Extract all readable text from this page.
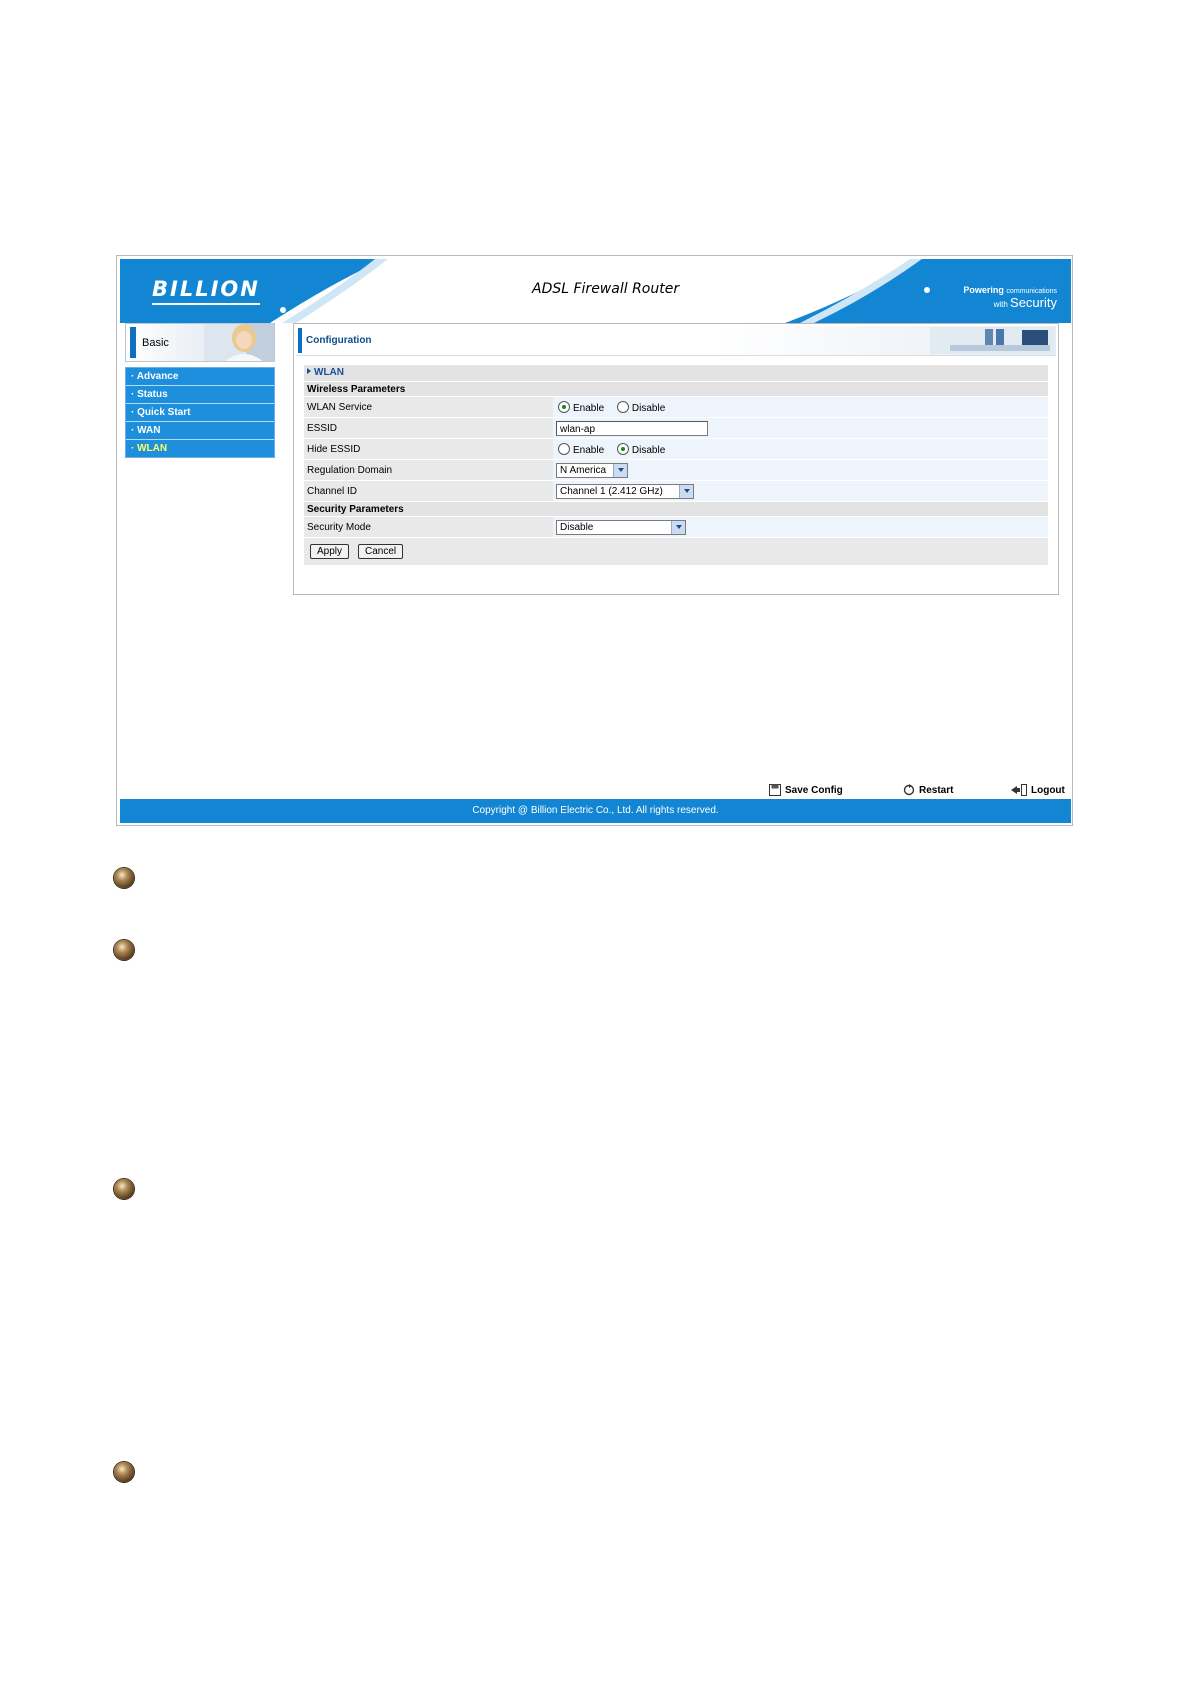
BILLION	ADSL Firewall Router	Powering communications
with Security
Basic
· Advance
· Status
· Quick Start
· WAN
· WLAN
Configuration
WLAN
Wireless Parameters	
WLAN Service	Enable Disable
ESSID	wlan-ap
Hide ESSID	Enable Disable
Regulation Domain	N America

Channel ID	Channel 1 (2.412 GHz)

Security Parameters	
Security Mode	Disable

Apply Cancel	
Save Config	Restart	Logout
Copyright @ Billion Electric Co., Ltd. All rights reserved.
